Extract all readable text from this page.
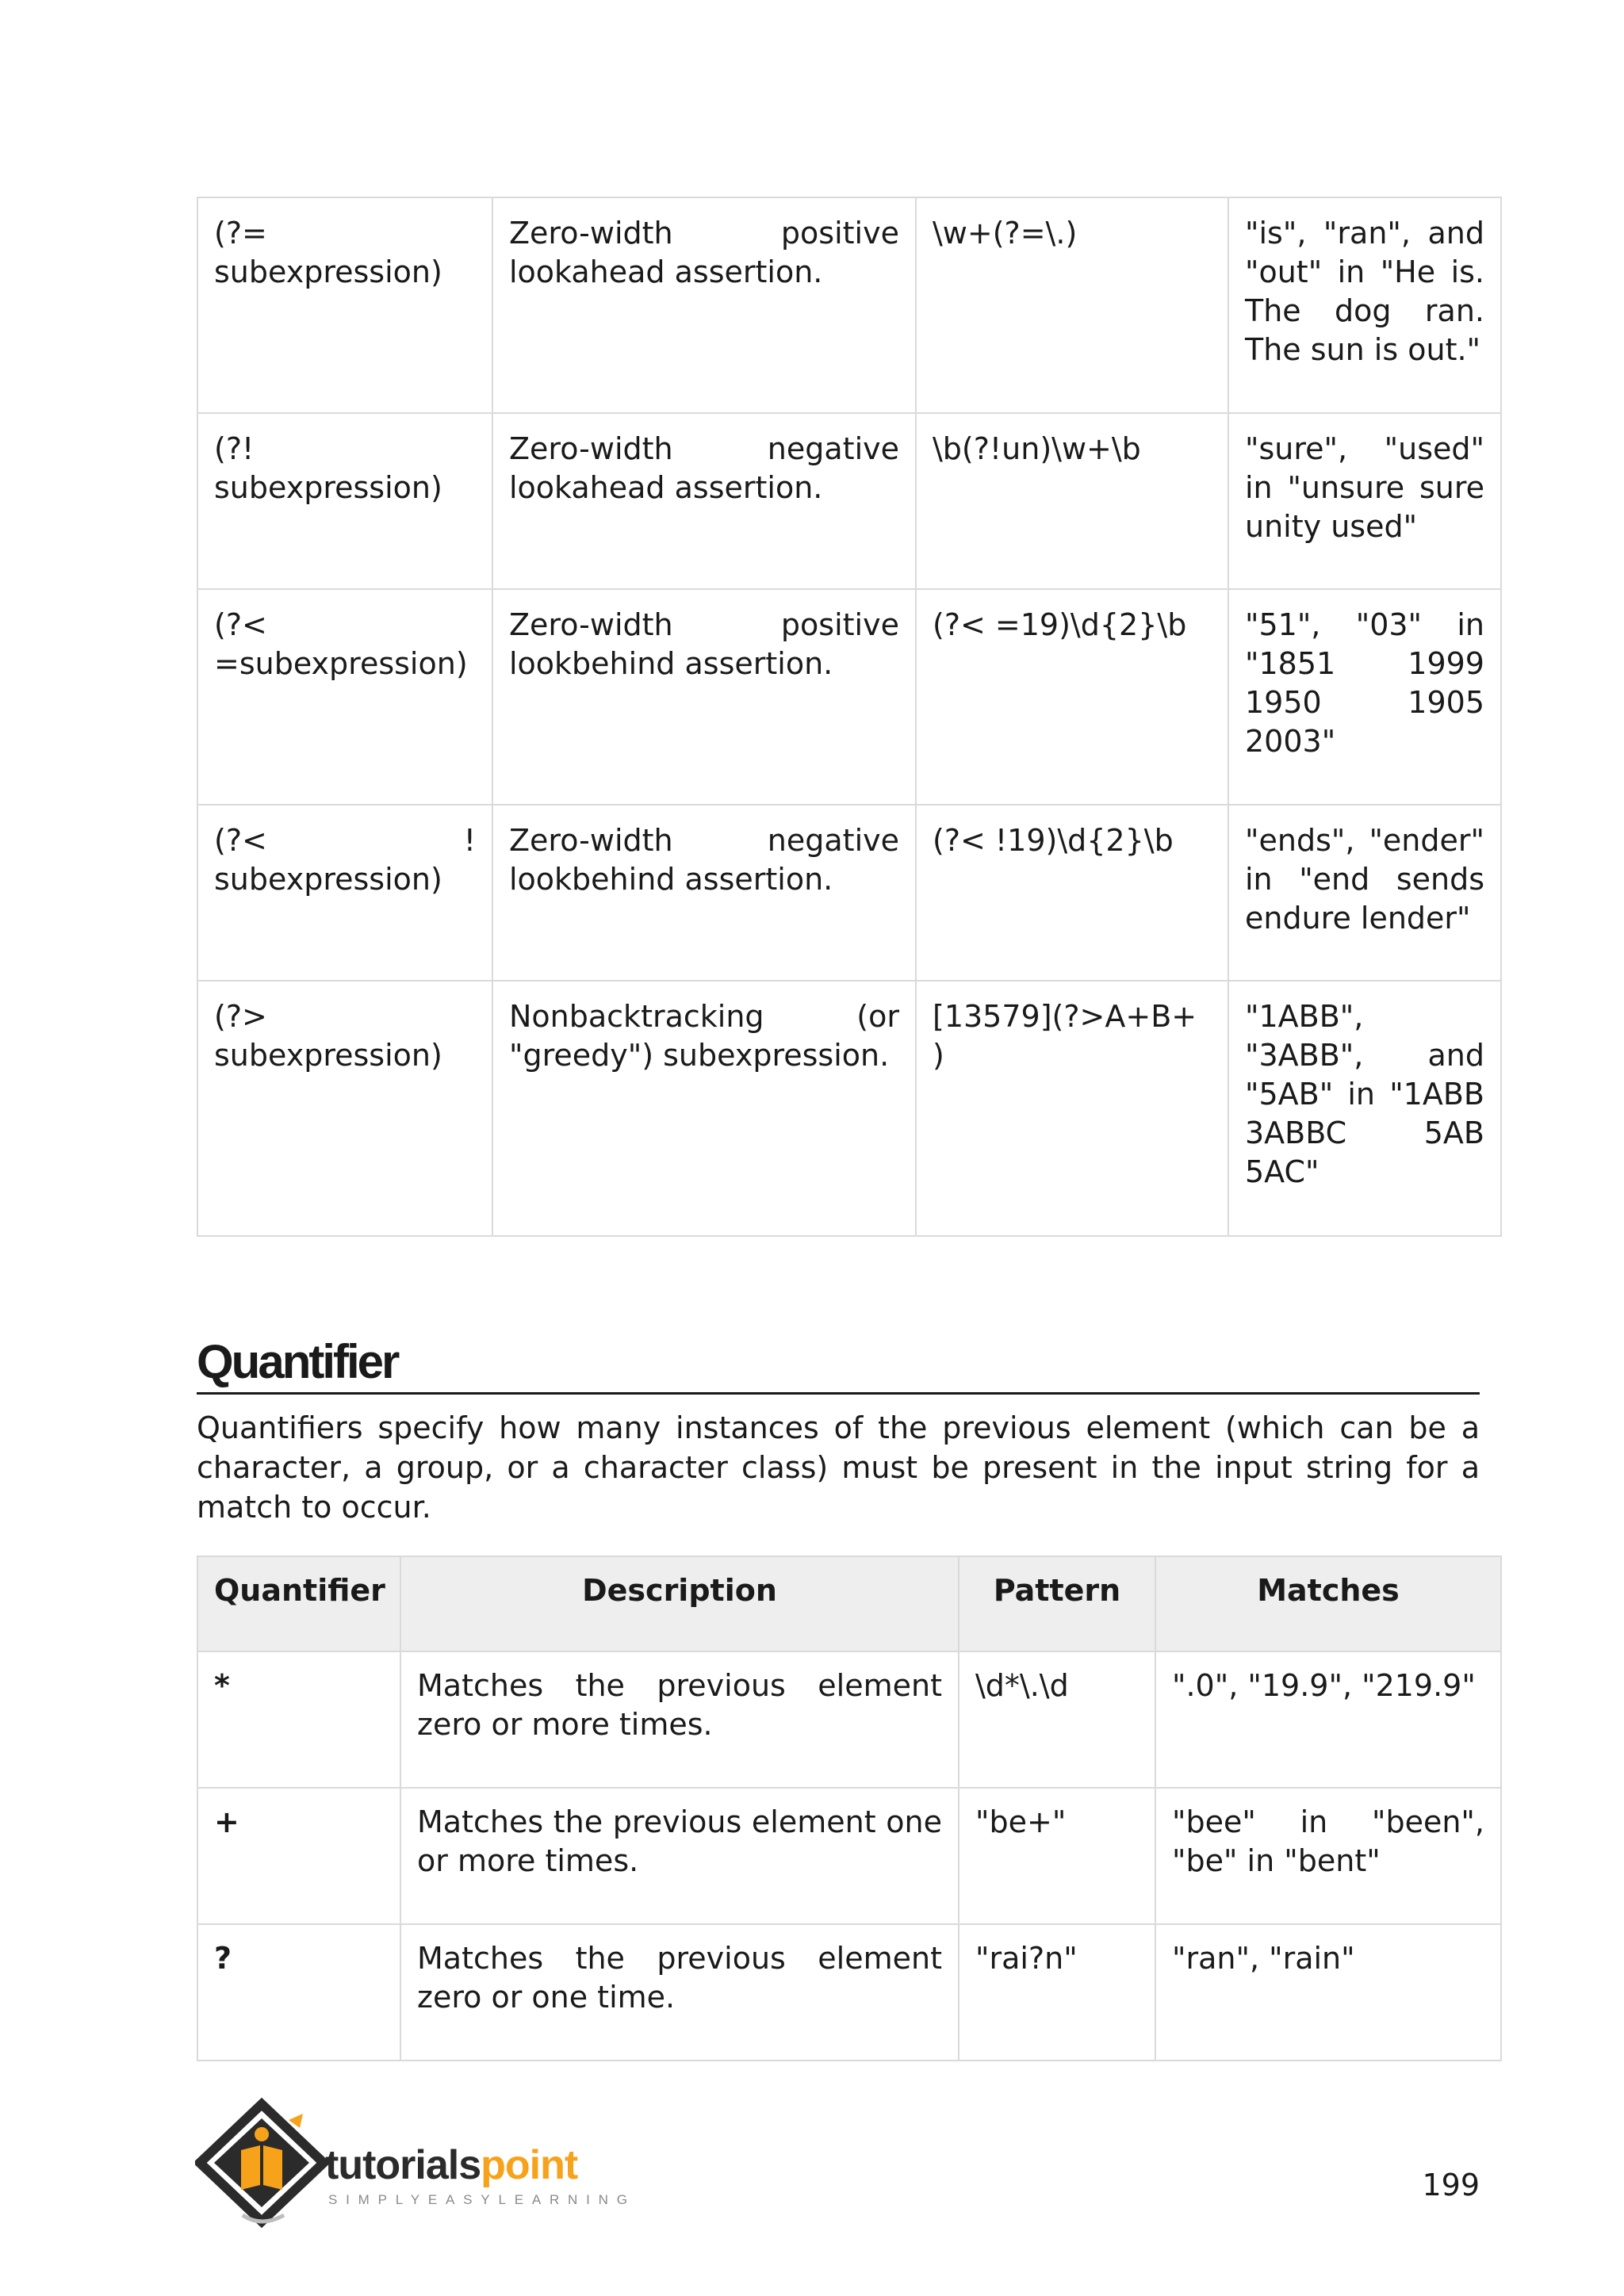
(?= subexpression)	Zero-width positive lookahead assertion.	\w+(?=\.)	"is", "ran", and "out" in "He is. The dog ran. The sun is out."
(?! subexpression)	Zero-width negative lookahead assertion.	\b(?!un)\w+\b	"sure", "used" in "unsure sure unity used"
(?< =subexpression)	Zero-width positive lookbehind assertion.	(?< =19)\d{2}\b	"51", "03" in "1851 1999 1950 1905 2003"
(?< ! subexpression)	Zero-width negative lookbehind assertion.	(?< !19)\d{2}\b	"ends", "ender" in "end sends endure lender"
(?> subexpression)	Nonbacktracking (or "greedy") subexpression.	[13579](?>A+B+ )	"1ABB", "3ABB", and "5AB" in "1ABB 3ABBC 5AB 5AC"
Quantifier

Quantifiers specify how many instances of the previous element (which can be a character, a group, or a character class) must be present in the input string for a match to occur.

Quantifier	Description	Pattern	Matches
*	Matches the previous element zero or more times.	\d*\.\d	".0", "19.9", "219.9"
+	Matches the previous element one or more times.	"be+"	"bee" in "been", "be" in "bent"
?	Matches the previous element zero or one time.	"rai?n"	"ran", "rain"
tutorialspoint
SIMPLYEASYLEARNING	199
